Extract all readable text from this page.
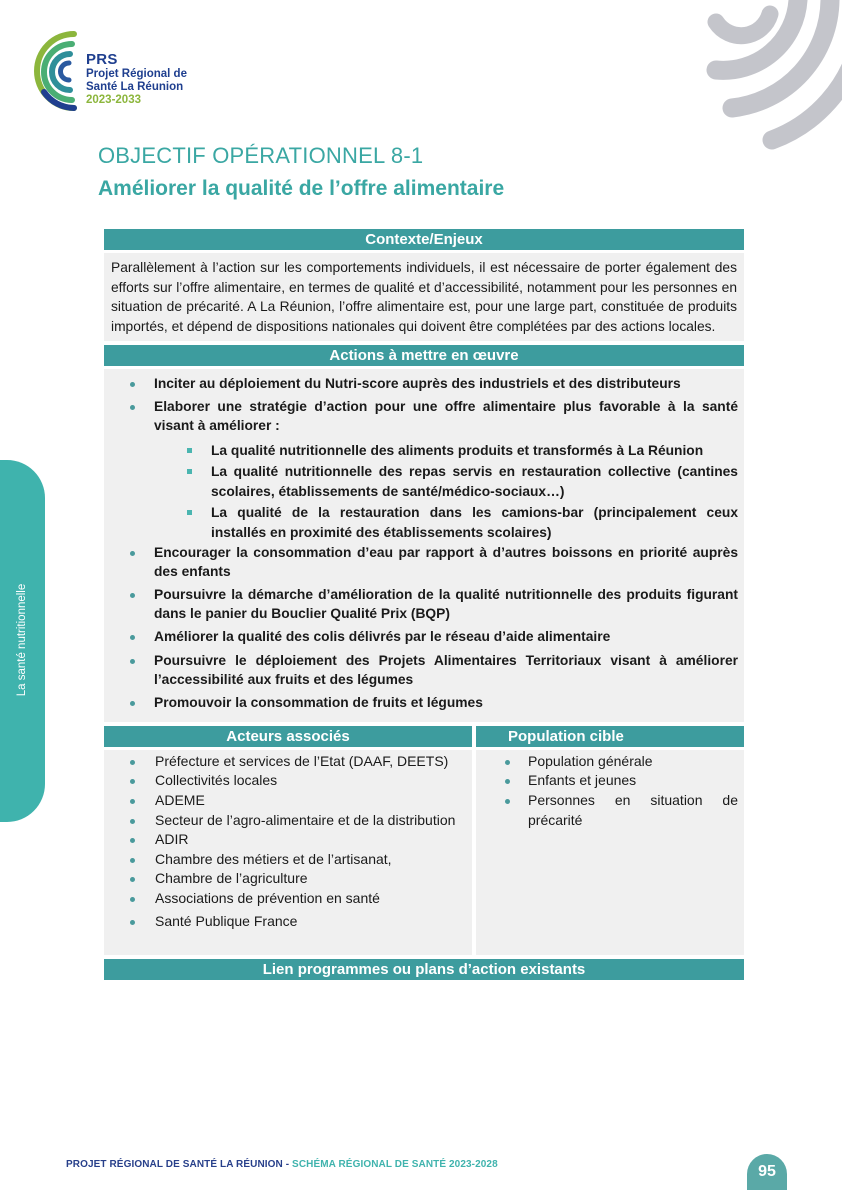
PRS
Projet Régional de
Santé La Réunion
2023-2033
OBJECTIF OPÉRATIONNEL 8-1
Améliorer la qualité de l’offre alimentaire
La santé nutritionnelle
Contexte/Enjeux
Parallèlement à l’action sur les comportements individuels, il est nécessaire de porter également des efforts sur l’offre alimentaire, en termes de qualité et d’accessibilité, notamment pour les personnes en situation de précarité. A La Réunion, l’offre alimentaire est, pour une large part, constituée de produits importés, et dépend de dispositions nationales qui doivent être complétées par des actions locales.
Actions à mettre en œuvre
Inciter au déploiement du Nutri-score auprès des industriels et des distributeurs
Elaborer une stratégie d’action pour une offre alimentaire plus favorable à la santé visant à améliorer :
La qualité nutritionnelle des aliments produits et transformés à La Réunion
La qualité nutritionnelle des repas servis en restauration collective (cantines scolaires, établissements de santé/médico-sociaux…)
La qualité de la restauration dans les camions-bar (principalement ceux installés en proximité des établissements scolaires)
Encourager la consommation d’eau par rapport à d’autres boissons en priorité auprès des enfants
Poursuivre la démarche d’amélioration de la qualité nutritionnelle des produits figurant dans le panier du Bouclier Qualité Prix (BQP)
Améliorer la qualité des colis délivrés par le réseau d’aide alimentaire
Poursuivre le déploiement des Projets Alimentaires Territoriaux visant à améliorer l’accessibilité aux fruits et des légumes
Promouvoir la consommation de fruits et légumes
Acteurs associés
Préfecture et services de l’Etat (DAAF, DEETS)
Collectivités locales
ADEME
Secteur de l’agro-alimentaire et de la distribution
ADIR
Chambre des métiers et de l’artisanat,
Chambre de l’agriculture
Associations de prévention en santé
Santé Publique France
Population cible
Population générale
Enfants et jeunes
Personnes en situation de précarité
Lien programmes ou plans d’action existants
PROJET RÉGIONAL DE SANTÉ LA RÉUNION - SCHÉMA RÉGIONAL DE SANTÉ 2023-2028	95
